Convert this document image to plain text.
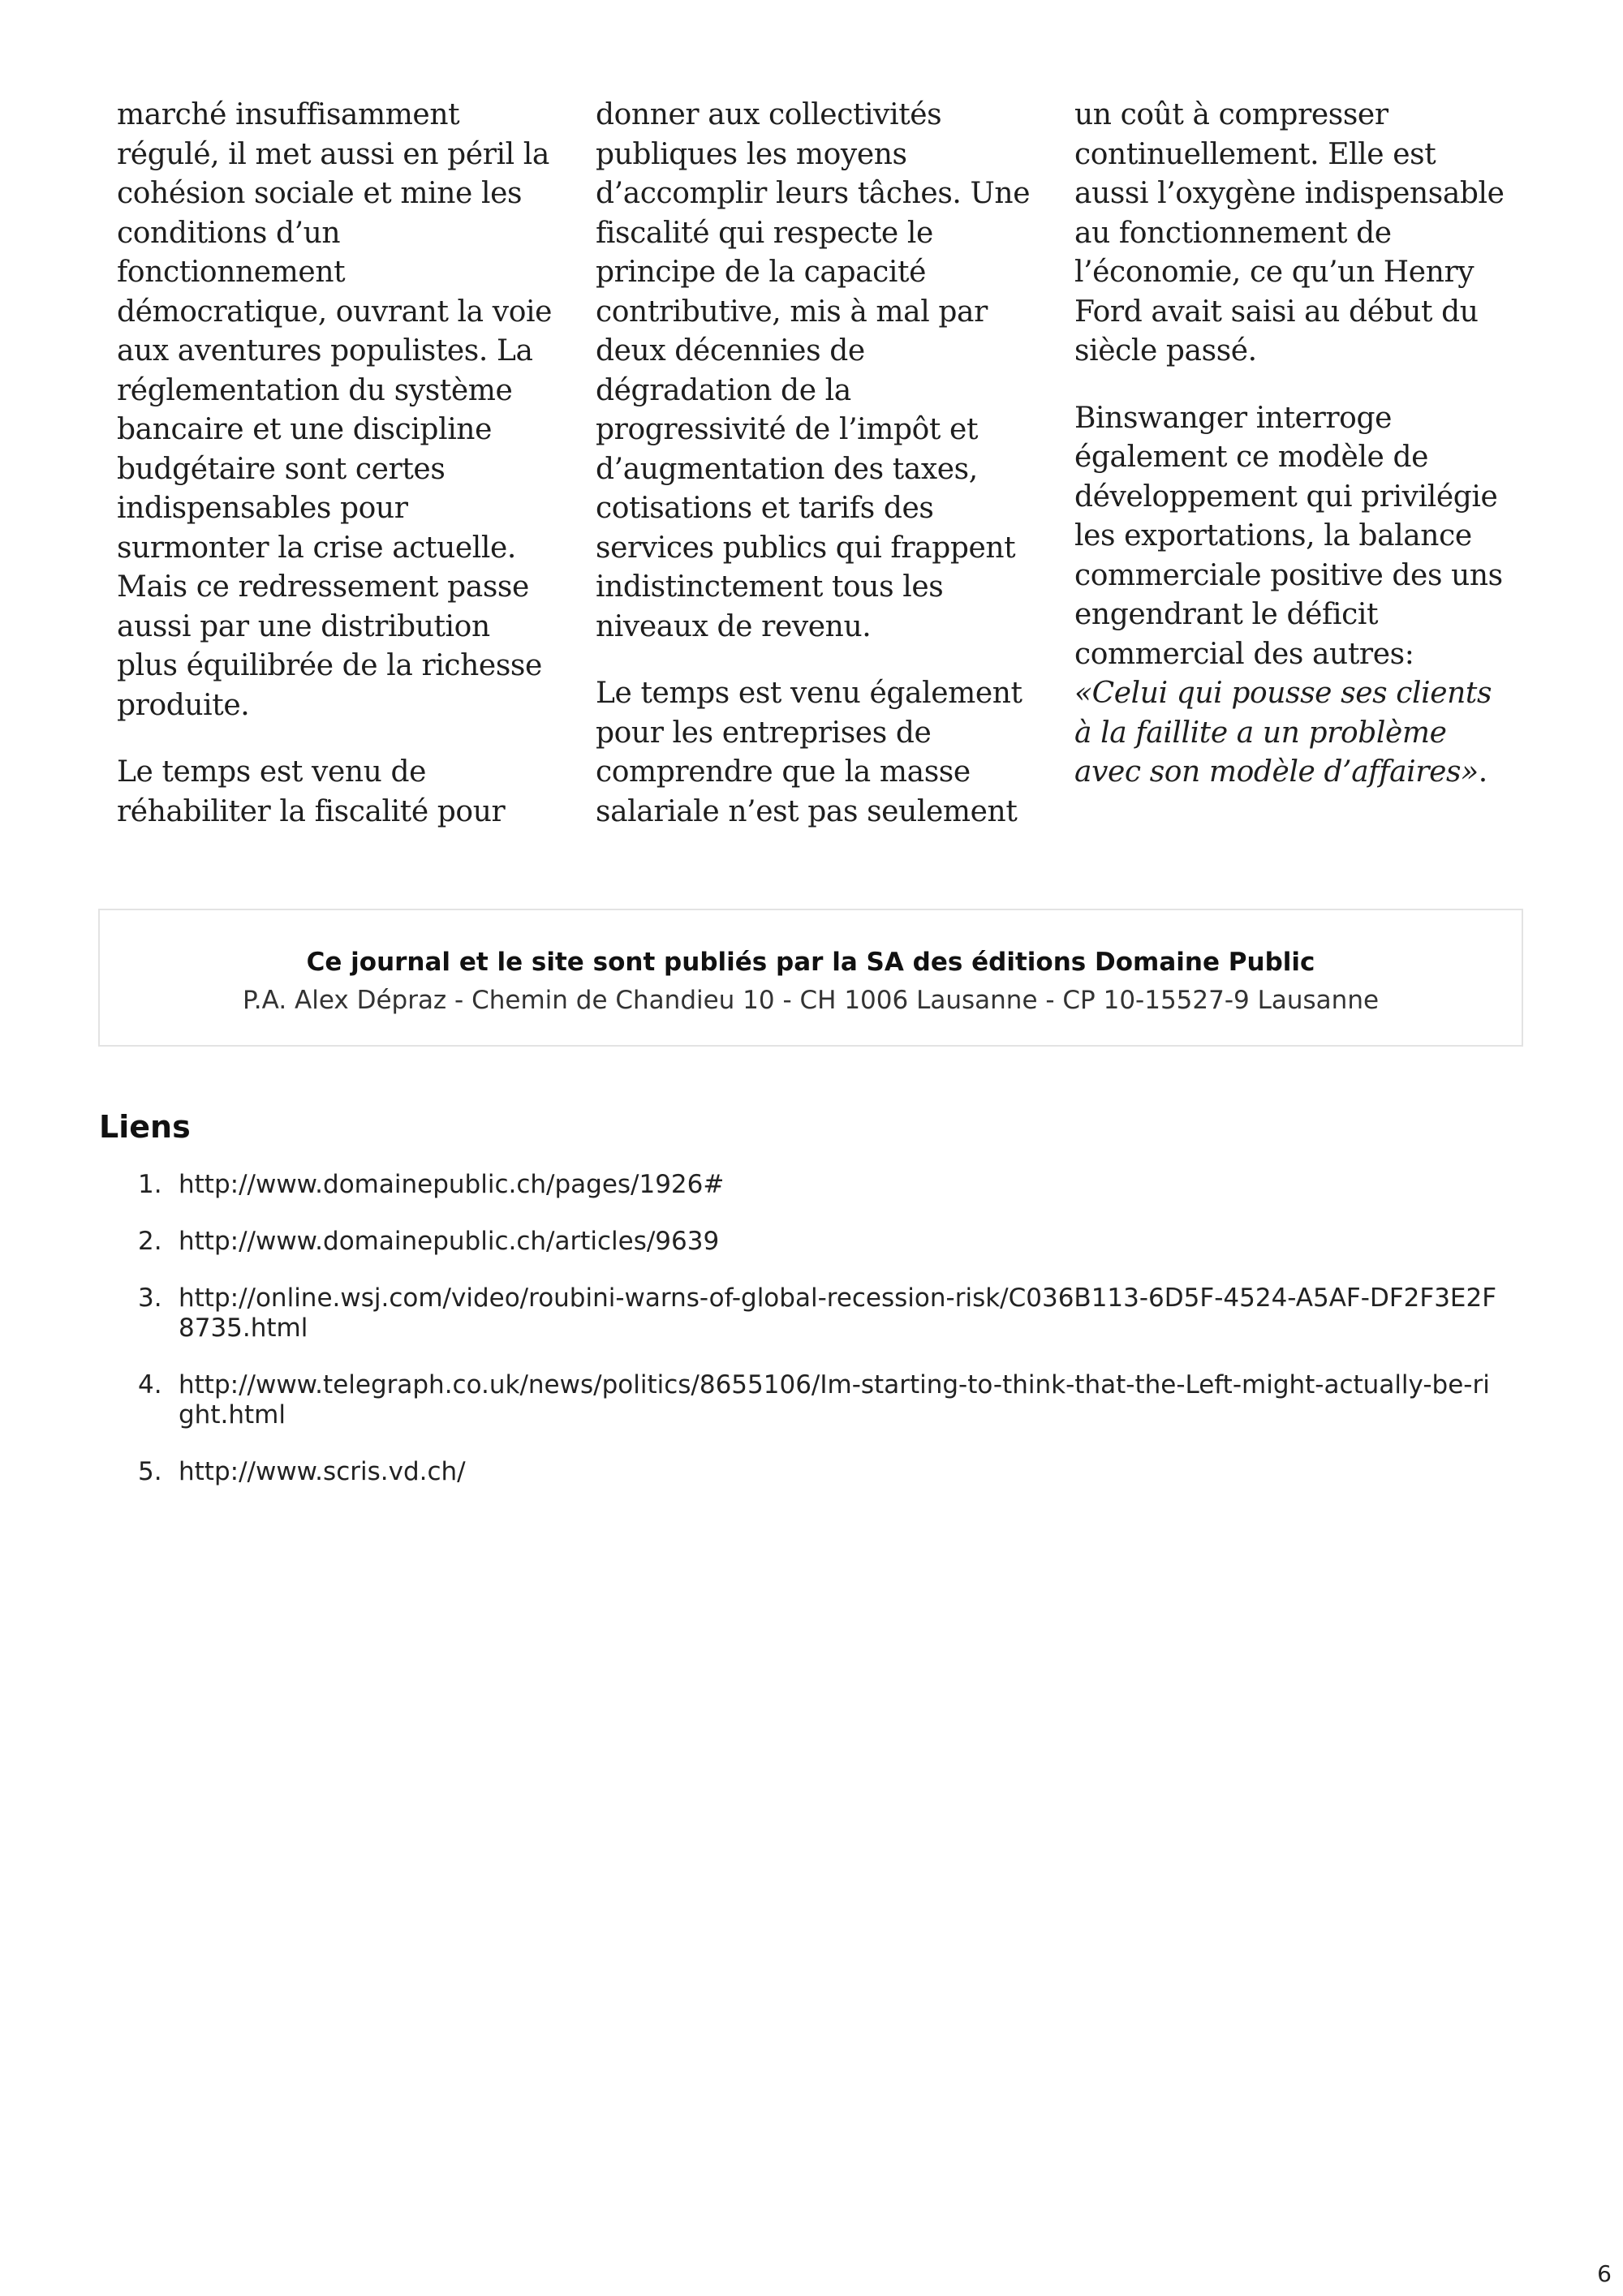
marché insuffisamment régulé, il met aussi en péril la cohésion sociale et mine les conditions d’un fonctionnement démocratique, ouvrant la voie aux aventures populistes. La réglementation du système bancaire et une discipline budgétaire sont certes indispensables pour surmonter la crise actuelle. Mais ce redressement passe aussi par une distribution plus équilibrée de la richesse produite.

Le temps est venu de réhabiliter la fiscalité pour

donner aux collectivités publiques les moyens d’accomplir leurs tâches. Une fiscalité qui respecte le principe de la capacité contributive, mis à mal par deux décennies de dégradation de la progressivité de l’impôt et d’augmentation des taxes, cotisations et tarifs des services publics qui frappent indistinctement tous les niveaux de revenu.

Le temps est venu également pour les entreprises de comprendre que la masse salariale n’est pas seulement

un coût à compresser continuellement. Elle est aussi l’oxygène indispensable au fonctionnement de l’économie, ce qu’un Henry Ford avait saisi au début du siècle passé.

Binswanger interroge également ce modèle de développement qui privilégie les exportations, la balance commerciale positive des uns engendrant le déficit commercial des autres: «Celui qui pousse ses clients à la faillite a un problème avec son modèle d’affaires».

Ce journal et le site sont publiés par la SA des éditions Domaine Public
P.A. Alex Dépraz - Chemin de Chandieu 10 - CH 1006 Lausanne - CP 10-15527-9 Lausanne
Liens
1. http://www.domainepublic.ch/pages/1926#
2. http://www.domainepublic.ch/articles/9639
3. http://online.wsj.com/video/roubini-warns-of-global-recession-risk/C036B113-6D5F-4524-A5AF-DF2F3E2F8735.html
4. http://www.telegraph.co.uk/news/politics/8655106/Im-starting-to-think-that-the-Left-might-actually-be-right.html
5. http://www.scris.vd.ch/
6
